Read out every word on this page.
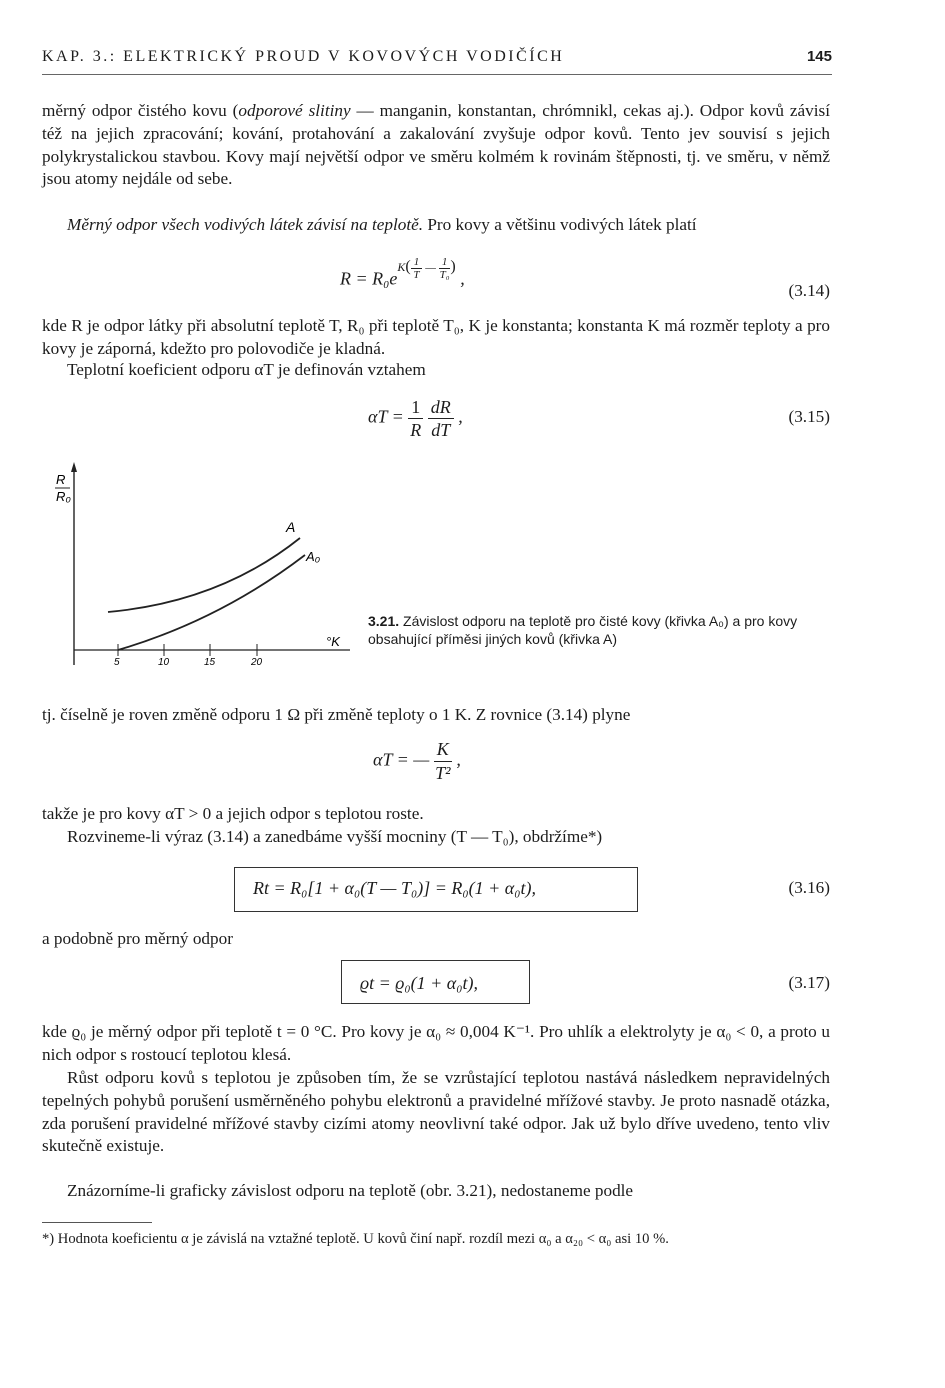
KAP. 3.: ELEKTRICKÝ PROUD V KOVOVÝCH VODIČÍCH	145

měrný odpor čistého kovu (odporové slitiny — manganin, konstantan, chrómnikl, cekas aj.). Odpor kovů závisí též na jejich zpracování; kování, protahování a zakalování zvyšuje odpor kovů. Tento jev souvisí s jejich polykrystalickou stavbou. Kovy mají největší odpor ve směru kolmém k rovinám štěpnosti, tj. ve směru, v němž jsou atomy nejdále od sebe.

Měrný odpor všech vodivých látek závisí na teplotě. Pro kovy a většinu vodivých látek platí

$R = R_0e^{K( \frac{1}{T} — \frac{1}{\text{T₀}} )}$ ,
(3.14)

kde R je odpor látky při absolutní teplotě T, R₀ při teplotě T₀, K je konstanta; konstanta K má rozměr teploty a pro kovy je záporná, kdežto pro polovodiče je kladná.

Teplotní koeficient odporu αT je definován vztahem

$\alpha T = \frac{1}{R}$
$\frac{dR}{dT}$ ,	(3.15)
R
R₀
A
A₀
°K
5	10	15	20
3.21. Závislost odporu na teplotě pro čisté kovy (křivka A₀) a pro kovy obsahující příměsi jiných kovů (křivka A)

tj. číselně je roven změně odporu 1 Ω při změně teploty o 1 K. Z rovnice (3.14) plyne

αT = — $\frac{K}{\text{T²}}$ ,

takže je pro kovy αT > 0 a jejich odpor s teplotou roste.

Rozvineme-li výraz (3.14) a zanedbáme vyšší mocniny (T — T₀), obdržíme*)

Rt = R₀[1 + α₀(T — T₀)] = R₀(1 + α₀t),	(3.16)

a podobně pro měrný odpor

ϱt = ϱ₀(1 + α₀t),	(3.17)

kde ϱ₀ je měrný odpor při teplotě t = 0 °C. Pro kovy je α₀ ≈ 0,004 K⁻¹. Pro uhlík a elektrolyty je α₀ < 0, a proto u nich odpor s rostoucí teplotou klesá.

Růst odporu kovů s teplotou je způsoben tím, že se vzrůstající teplotou nastává následkem nepravidelných tepelných pohybů porušení usměrněného pohybu elektronů a pravidelné mřížové stavby. Je proto nasnadě otázka, zda porušení pravidelné mřížové stavby cizími atomy neovlivní také odpor. Jak už bylo dříve uvedeno, tento vliv skutečně existuje.

Znázorníme-li graficky závislost odporu na teplotě (obr. 3.21), nedostaneme podle

*) Hodnota koeficientu α je závislá na vztažné teplotě. U kovů činí např. rozdíl mezi α₀ a α₂₀ < α₀ asi 10 %.
